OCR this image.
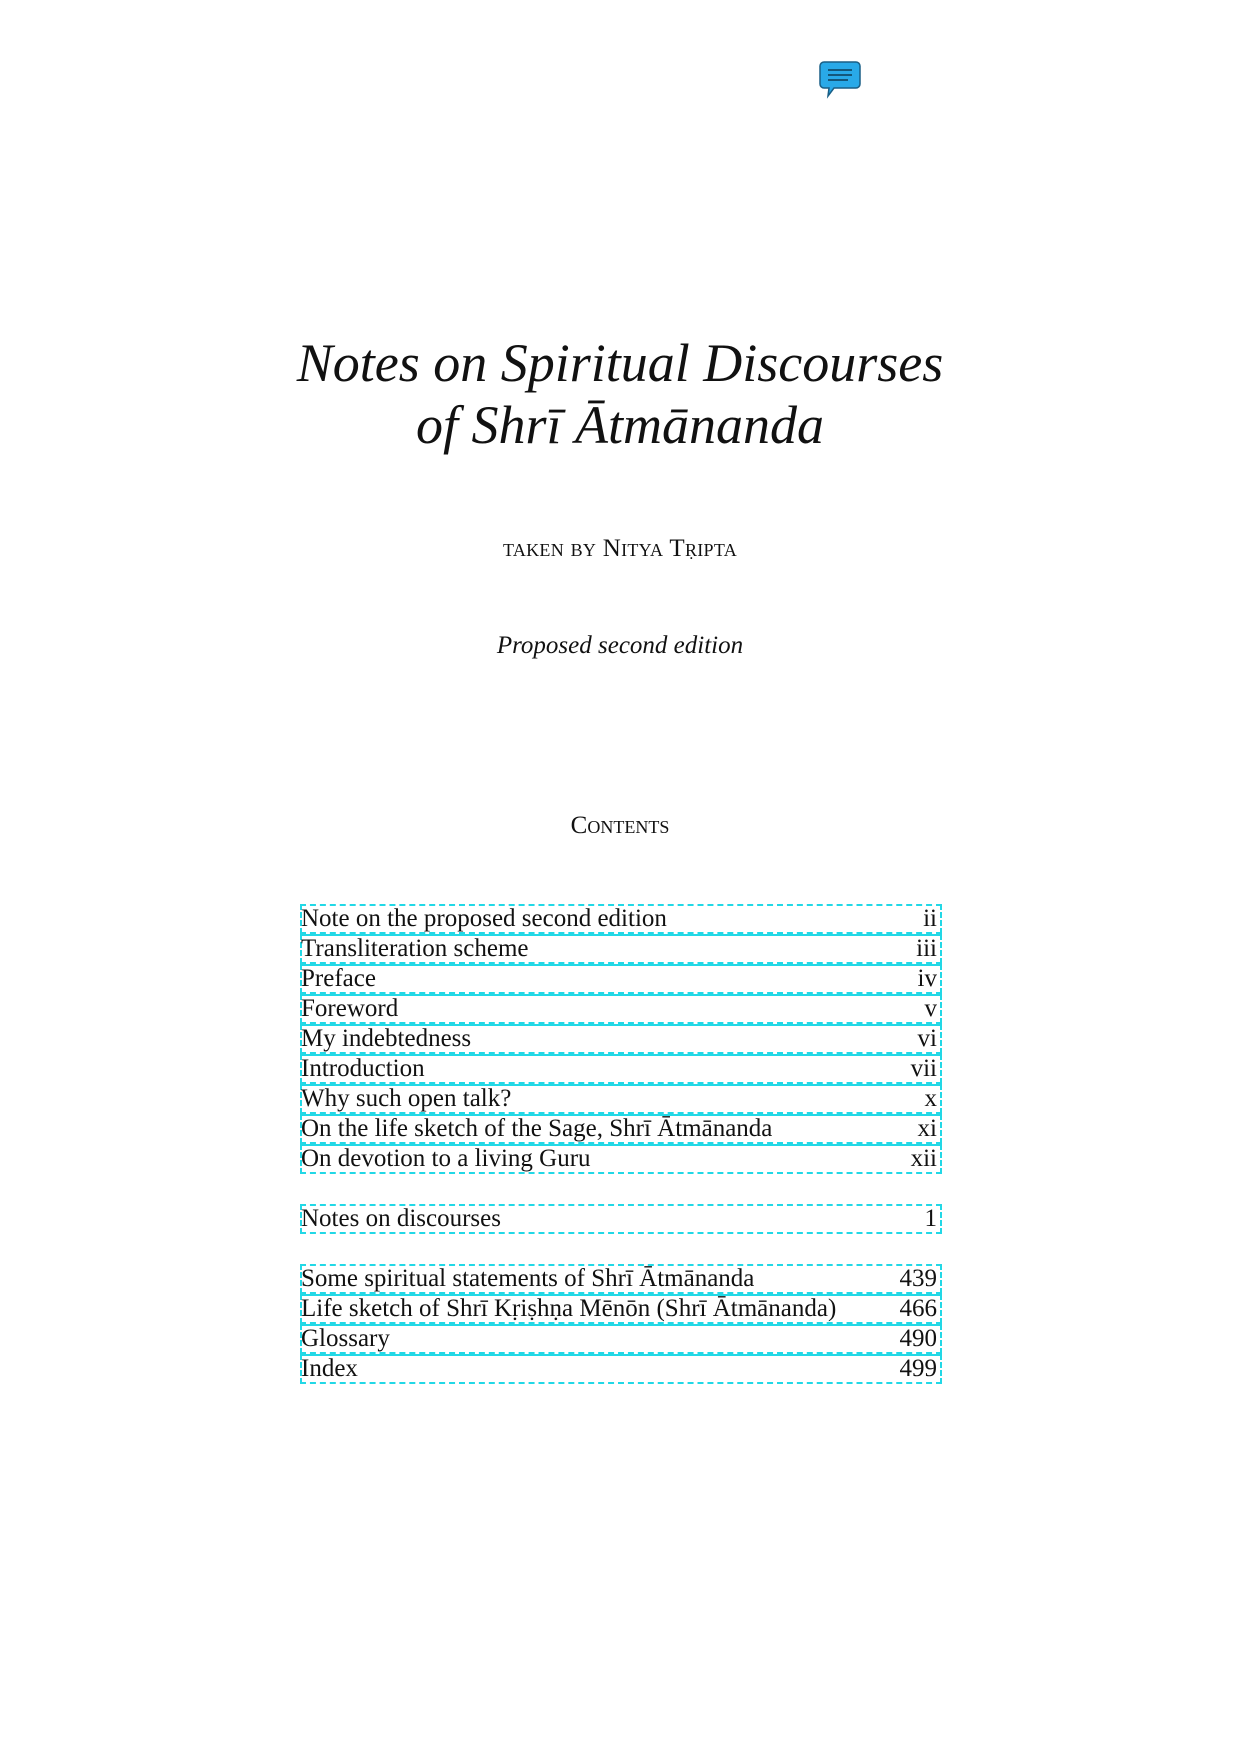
Notes on Spiritual Discourses
of Shrī Ātmānanda
taken by Nitya Tṛipta
Proposed second edition
Contents
Note on the proposed second edition	ii
Transliteration scheme	iii
Preface	iv
Foreword	v
My indebtedness	vi
Introduction	vii
Why such open talk?	x
On the life sketch of the Sage, Shrī Ātmānanda	xi
On devotion to a living Guru	xii
Notes on discourses	1
Some spiritual statements of Shrī Ātmānanda	439
Life sketch of Shrī Kṛiṣhṇa Mēnōn (Shrī Ātmānanda)	466
Glossary	490
Index	499
